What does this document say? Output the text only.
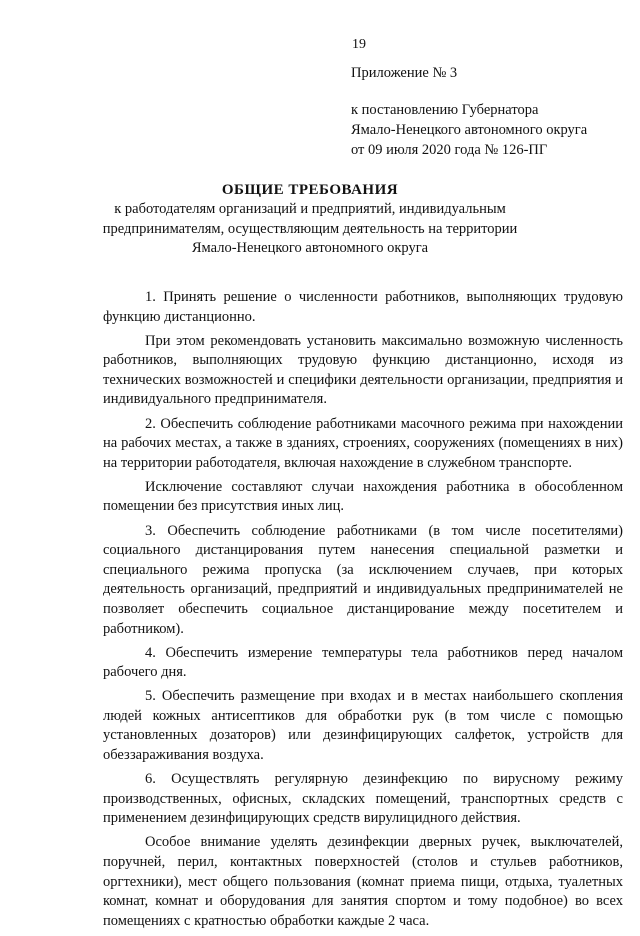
19
Приложение № 3
к постановлению Губернатора
Ямало-Ненецкого автономного округа
от 09 июля 2020 года № 126-ПГ
ОБЩИЕ ТРЕБОВАНИЯ
к работодателям организаций и предприятий, индивидуальным
предпринимателям, осуществляющим деятельность на территории
Ямало-Ненецкого автономного округа

1. Принять решение о численности работников, выполняющих трудовую функцию дистанционно.

При этом рекомендовать установить максимально возможную численность работников, выполняющих трудовую функцию дистанционно, исходя из технических возможностей и специфики деятельности организации, предприятия и индивидуального предпринимателя.

2. Обеспечить соблюдение работниками масочного режима при нахождении на рабочих местах, а также в зданиях, строениях, сооружениях (помещениях в них) на территории работодателя, включая нахождение в служебном транспорте.

Исключение составляют случаи нахождения работника в обособленном помещении без присутствия иных лиц.

3. Обеспечить соблюдение работниками (в том числе посетителями) социального дистанцирования путем нанесения специальной разметки и специального режима пропуска (за исключением случаев, при которых деятельность организаций, предприятий и индивидуальных предпринимателей не позволяет обеспечить социальное дистанцирование между посетителем и работником).

4. Обеспечить измерение температуры тела работников перед началом рабочего дня.

5. Обеспечить размещение при входах и в местах наибольшего скопления людей кожных антисептиков для обработки рук (в том числе с помощью установленных дозаторов) или дезинфицирующих салфеток, устройств для обеззараживания воздуха.

6. Осуществлять регулярную дезинфекцию по вирусному режиму производственных, офисных, складских помещений, транспортных средств с применением дезинфицирующих средств вирулицидного действия.

Особое внимание уделять дезинфекции дверных ручек, выключателей, поручней, перил, контактных поверхностей (столов и стульев работников, оргтехники), мест общего пользования (комнат приема пищи, отдыха, туалетных комнат, комнат и оборудования для занятия спортом и тому подобное) во всех помещениях с кратностью обработки каждые 2 часа.
